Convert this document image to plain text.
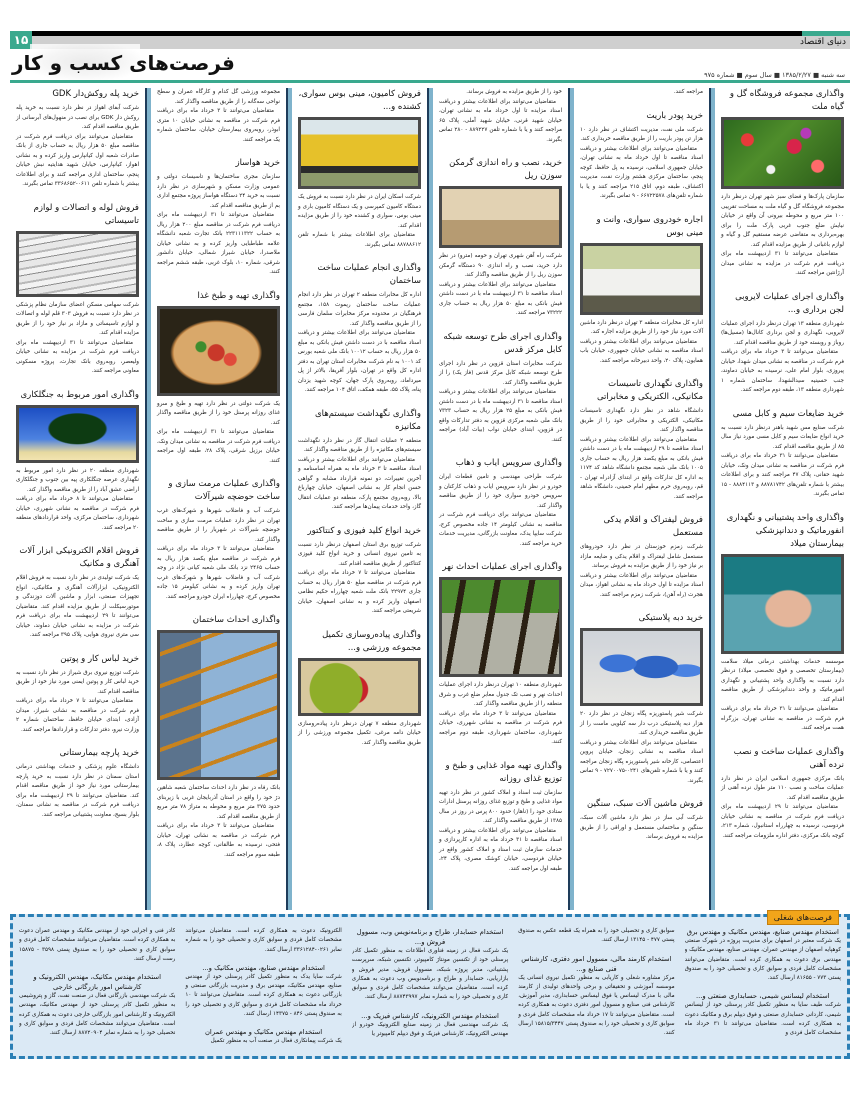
۱۵	دنیای اقتصاد
فرصت‌های کسب و کار	سه شنبه ■ ۱۳۸۵/۲/۲۷ ■ سال سوم ■ شماره ۹۷۵
واگذاری مجموعه فروشگاه گل و گیاه ملت

سازمان پارک‌ها و فضای سبز شهر تهران درنظر دارد مجموعه فروشگاه گل و گیاه ملت به مساحت تقریبی ۱۰۰ متر مربع و محوطه بیرونی آن واقع در خیابان نیایش ضلع جنوب غربی پارک ملت را برای بهره‌برداری به متقاضی عرضه مستقیم گل و گیاه و لوازم باغبانی از طریق مزایده اقدام کند.

متقاضیان می‌توانند تا ۳۱ اردیبهشت ماه برای دریافت فرم شرکت در مزایده به نشانی میدان آرژانتین مراجعه کنند.

واگذاری اجرای عملیات لایروبی لجن برداری و...

شهرداری منطقه ۱۳ تهران درنظر دارد اجرای عملیات لایروبی، نگهداری و لجن برداری کانال‌ها (مسیل‌ها) روباز و روبسته خود از طریق مناقصه اقدام کند.

متقاضیان می‌توانند تا ۳ خرداد ماه برای دریافت فرم شرکت در مناقصه به نشانی میدان شهدا، خیابان پیروزی، بلوار امام علی، نرسیده به خیابان دماوند، جنب حسینیه سیدالشهدا، ساختمان شماره ۱ شهرداری منطقه ۱۳، طبقه دوم مراجعه کنند.

خرید ضایعات سیم و کابل مسی

شرکت صنایع مس شهید باهنر درنظر دارد نسبت به خرید انواع ضایعات سیم و کابل مسی مورد نیاز سال ۸۵ از طریق مناقصه اقدام کند.

متقاضیان می‌توانند تا ۳۱ خرداد ماه برای دریافت فرم شرکت در مناقصه به نشانی میدان ونک، خیابان شهید حقانی، پلاک ۴۷ مراجعه کنند و برای اطلاعات بیشتر با شماره تلفن‌های ۸۸۷۸۱۷۴۲ و ۸۸۸۴۱۱۳ - ۱۵ تماس بگیرند.

واگذاری واحد پشتیبانی و نگهداری انفورماتیک و دندانپزشکی بیمارستان میلاد

موسسه خدمات بهداشتی درمانی میلاد سلامت (بیمارستان تخصصی و فوق تخصصی میلاد) درنظر دارد نسبت به واگذاری واحد پشتیبانی و نگهداری انفورماتیک و واحد دندانپزشکی از طریق مناقصه اقدام کند.

متقاضیان می‌توانند تا ۳۱ خرداد ماه برای دریافت فرم شرکت در مناقصه به نشانی تهران، بزرگراه همت مراجعه کنند.

واگذاری عملیات ساخت و نصب نرده آهنی

بانک مرکزی جمهوری اسلامی ایران در نظر دارد عملیات ساخت و نصب ۱۱۰ متر طول نرده آهنی از طریق مناقصه اقدام کند.

متقاضیان می‌توانند تا ۲۹ اردیبهشت ماه برای دریافت فرم شرکت در مناقصه به نشانی خیابان فردوسی، نرسیده به چهارراه استانبول، شماره ۲۱۳، کوچه بانک مرکزی، دفتر اداره ملزومات مراجعه کنند.

مراجعه کنند.

خرید پودر باریت

شرکت ملی نفت، مدیریت اکتشاف در نظر دارد ۱۰ هزار تن پودر باریت را از طریق مناقصه خریداری کند.

متقاضیان می‌توانند برای اطلاعات بیشتر و دریافت اسناد مناقصه تا اول خرداد ماه به نشانی تهران، خیابان جمهوری اسلامی، نرسیده به پل حافظ، کوچه پنجم، ساختمان مرکزی هشتم وزارت نفت، مدیریت اکتشاف، طبقه دوم، اتاق ۲۱۵ مراجعه کنند و یا با شماره تلفن‌های ۶۶۷۲۲۵۷۸ - ۹ تماس بگیرند.

اجاره خودروی سواری، وانت و مینی بوس

اداره کل مخابرات منطقه ۳ تهران درنظر دارد ماشین آلات مورد نیاز خود را از طریق مزایده اجاره کند.

متقاضیان می‌توانند برای اطلاعات بیشتر و دریافت اسناد مناقصه به نشانی خیابان جمهوری، خیابان باب همایون، پلاک ۲۰، واحد دبیرخانه مراجعه کنند.

واگذاری نگهداری تاسیسات مکانیکی، الکتریکی و مخابراتی

دانشگاه شاهد در نظر دارد نگهداری تاسیسات مکانیکی، الکتریکی و مخابراتی خود را از طریق مناقصه واگذار کند.

متقاضیان می‌توانند برای اطلاعات بیشتر و دریافت اسناد مناقصه تا ۲۹ اردیبهشت ماه با در دست داشتن فیش بانکی به مبلغ یکصد هزار ریال به حساب جاری ۱۰۰۵ بانک ملی شعبه مجتمع دانشگاه شاهد کد ۱۱۷۴ به اداره کل تدارکات واقع در ابتدای آزادراه تهران - قم، روبه‌روی حرم مطهر امام خمینی، دانشگاه شاهد مراجعه کنند.

فروش لیفتراک و اقلام یدکی مستعمل

شرکت زمزم خوزستان در نظر دارد خودروهای مستعمل شامل لیفتراک و اقلام یدکی و ضایعه مازاد بر نیاز خود را از طریق مزایده به فروش برساند.

متقاضیان می‌توانند برای اطلاعات بیشتر و دریافت اسناد مزایده تا اول خرداد ماه به نشانی اهواز، میدان هجرت (راه آهن)، شرکت زمزم مراجعه کنند.

خرید دبه پلاستیکی

شرکت شیر پاستوریزه پگاه زنجان در نظر دارد ۲۰ هزار دبه پلاستیکی درب دار سه کیلویی ماست را از طریق مناقصه خریداری کند.

متقاضیان می‌توانند برای اطلاعات بیشتر و دریافت اسناد مناقصه به نشانی زنجان، خیابان پروین اعتصامی، کارخانه شیر پاستوریزه پگاه زنجان مراجعه کنند و یا با شماره تلفن‌های ۰۲۴۱-۷۲۷۰۰۷۵ - ۹ تماس بگیرند.

فروش ماشین آلات سبک، سنگین

شرکت آبی ساز در نظر دارد ماشین آلات سبک، سنگین و ساختمانی مستعمل و اوراقی را از طریق مزایده به فروش برساند.

خود را از طریق مزایده به فروش برساند.

متقاضیان می‌توانند برای اطلاعات بیشتر و دریافت اسناد مزایده تا اول خرداد ماه به نشانی تهران، خیابان شهید قرنی، خیابان شهید آملی، پلاک ۶۵ مراجعه کنند و یا با شماره تلفن ۸۸۹۲۲۷ - ۲۸۰ تماس بگیرند.

خرید، نصب و راه اندازی گرمکن سوزن ریل

شرکت راه آهن شهری تهران و حومه (مترو) در نظر دارد خرید، نصب و راه اندازی ۹۰ دستگاه گرمکن سوزن ریل را از طریق مناقصه واگذار کند.

متقاضیان می‌توانند برای اطلاعات بیشتر و دریافت اسناد مناقصه تا ۳۱ اردیبهشت ماه با در دست داشتن فیش بانکی به مبلغ ۵۰ هزار ریال به حساب جاری ۷۳۲۲۲ مراجعه کنند.

واگذاری اجرای طرح توسعه شبکه کابل مرکز قدس

شرکت مخابرات استان قزوین در نظر دارد اجرای طرح توسعه شبکه کابل مرکز قدس (فاز یک) را از طریق مناقصه واگذار کند.

متقاضیان می‌توانند برای اطلاعات بیشتر و دریافت اسناد مناقصه تا ۳۱ اردیبهشت ماه با در دست داشتن فیش بانکی به مبلغ ۲۵ هزار ریال به حساب ۷۳۲۳ بانک ملی شعبه مرکزی قزوین به دفتر تدارکات واقع در قزوین، ابتدای خیابان نواب (بیات آباد) مراجعه کنند.

واگذاری سرویس ایاب و ذهاب

شرکت طراحی مهندسی و تامین قطعات ایران خودرو در نظر دارد سرویس ایاب و ذهاب کارکنان و سرویس خودرو سواری خود را از طریق مناقصه واگذار کند.

متقاضیان می‌توانند برای دریافت فرم شرکت در مناقصه به نشانی کیلومتر ۱۴ جاده مخصوص کرج، شرکت سایپا یدک، معاونت بازرگانی، مدیریت خدمات خرید مراجعه کنند.

واگذاری اجرای عملیات احداث نهر

شهرداری منطقه ۱۰ تهران درنظر دارد اجرای عملیات احداث نهر و نصب تک جدول معابر ضلع غرب و شرق منطقه را از طریق مناقصه واگذار کند.

متقاضیان می‌توانند تا ۳ خرداد ماه برای دریافت فرم شرکت در مناقصه به نشانی شهرری، خیابان شهرداری، ساختمان شهرداری، طبقه دوم مراجعه کنند.

واگذاری تهیه مواد غذایی و طبخ و توزیع غذای روزانه

سازمان ثبت اسناد و املاک کشور در نظر دارد تهیه مواد غذایی و طبخ و توزیع غذای روزانه پرسنل ادارات ستادی خود را (ناهار) حدود ۸۰۰ پرس در روز در سال ۱۳۸۵ از طریق مناقصه واگذار کند.

متقاضیان می‌توانند برای اطلاعات بیشتر و دریافت اسناد مناقصه تا ۳۱ خرداد ماه به اداره کارپردازی و خدمات سازمان ثبت اسناد و املاک کشور واقع در خیابان فردوسی، خیابان کوشک مصری، پلاک ۲۴، طبقه اول مراجعه کنند.

فروش کامیون، مینی بوس سواری، کشنده و...

شرکت اسکان ایران در نظر دارد نسبت به فروش یک دستگاه کامیون کمپرسی و یک دستگاه کامیون باری و مینی بوس، سواری و کشنده خود را از طریق مزایده اقدام کند.

متقاضیان برای اطلاعات بیشتر با شماره تلفن ۸۸۷۸۸۶۱۲ تماس بگیرند.

واگذاری انجام عملیات ساخت ساختمان

اداره کل مخابرات منطقه ۲ تهران در نظر دارد انجام عملیات ساخت ساختمان ریموت ۱۵۸، مجتمع فرهنگیان در محدوده مرکز مخابرات سلمان فارسی را از طریق مناقصه واگذار کند.

متقاضیان می‌توانند برای اطلاعات بیشتر و دریافت اسناد مناقصه با در دست داشتن فیش بانکی به مبلغ ۵۰ هزار ریال به حساب ۱۰۰۱۲ بانک ملی شعبه بورس کد ۱۰۰۱ به نام شرکت مخابرات استان تهران به دفتر اداره کل واقع در تهران، بلوار آفریقا، بالاتر از پل میرداماد، روبه‌روی پارک جهان، کوچه شهید یزدان پناه، پلاک ۵۵، طبقه همکف، اتاق ۱۰۴ مراجعه کنند.

واگذاری نگهداشت سیستم‌های مکانیزه

منطقه ۲ عملیات انتقال گاز در نظر دارد نگهداشت سیستم‌های مکانیزه را از طریق مناقصه واگذار کند.

متقاضیان می‌توانند برای اطلاعات بیشتر و دریافت اسناد مناقصه تا ۳ خرداد ماه به همراه اساسنامه و آخرین تغییرات، دو نمونه قرارداد مشابه و گواهی حسن انجام کار به نشانی اصفهان، خیابان چهارباغ بالا، روبه‌روی مجتمع پارک، منطقه دو عملیات انتقال گاز، واحد خدمات پیمان‌ها مراجعه کنند.

خرید انواع کلید فیوزی و کنتاکتور

شرکت توزیع برق استان اصفهان درنظر دارد نسبت به تامین نیروی انسانی و خرید انواع کلید فیوزی کنتاکتور از طریق مناقصه اقدام کند.

متقاضیان می‌توانند تا ۷ خرداد ماه برای دریافت فرم شرکت در مناقصه مبلغ ۵۰ هزار ریال به حساب جاری ۲۲۹۷۴ بانک ملت شعبه چهارراه حکیم نظامی اصفهان واریز کرده و به نشانی اصفهان، خیابان شریعتی مراجعه کنند.

واگذاری پیاده‌روسازی تکمیل مجموعه ورزشی و...

شهرداری منطقه ۷ تهران درنظر دارد پیاده‌روسازی خیابان دامه مرغی، تکمیل مجموعه ورزشی را از طریق مناقصه واگذار کند.

مجموعه ورزشی گل کدام و کارگاه عمران و سطح نواحی سه‌گانه را از طریق مناقصه واگذار کند.

متقاضیان می‌توانند تا ۳ خرداد ماه برای دریافت فرم شرکت در مناقصه به نشانی خیابان ۱۰ متری ابوذر، روبه‌روی بیمارستان خیابان، ساختمان شماره یک مراجعه کنند.

خرید هواساز

سازمان مجری ساختمان‌ها و تاسیسات دولتی و عمومی وزارت مسکن و شهرسازی در نظر دارد نسبت به خرید ۲۴ دستگاه هواساز پروژه مجتمع اداری بم از طریق مناقصه اقدام کند.

متقاضیان می‌توانند تا ۳۱ اردیبهشت ماه برای دریافت فرم شرکت در مناقصه مبلغ ۲۰۰ هزار ریال به حساب ۲۲۳۱۱۱۳۲۲ بانک تجارت شعبه دانشگاه علامه طباطبایی واریز کرده و به نشانی خیابان ملاصدرا، خیابان شیراز شمالی، خیابان دانشور شرقی، شماره ۱۰، بلوک غربی، طبقه ششم مراجعه کنند.

واگذاری تهیه و طبخ غذا

یک شرکت دولتی در نظر دارد تهیه و طبخ و سرو غذای روزانه پرسنل خود را از طریق مناقصه واگذار کند.

متقاضیان می‌توانند تا ۳۱ اردیبهشت ماه برای دریافت فرم شرکت در مناقصه به نشانی میدان ونک، خیابان برزیل شرقی، پلاک ۲۸، طبقه اول مراجعه کنند.

واگذاری عملیات مرمت سازی و ساخت حوضچه شیرآلات

شرکت آب و فاضلاب شهرها و شهرک‌های غرب تهران در نظر دارد عملیات مرمت سازی و ساخت حوضچه شیرآلات در شهریار را از طریق مناقصه واگذار کند.

متقاضیان می‌توانند تا ۳ خرداد ماه برای دریافت فرم شرکت در مناقصه مبلغ یکصد هزار ریال به حساب ۲۴۶۵ نزد بانک ملی شعبه کیانی نژاد در وجه شرکت آب و فاضلاب شهرها و شهرک‌های غرب تهران واریز کرده و به نشانی کیلومتر ۱۵ جاده مخصوص کرج، چهارراه ایران خودرو مراجعه کنند.

واگذاری احداث ساختمان

بانک رفاه در نظر دارد احداث ساختمان شعبه شاهین دژ خود را واقع در استان آذربایجان غربی با زیربنای حدود ۳۷۵ متر مربع و محوطه به متراژ ۷۸ متر مربع از طریق مناقصه اقدام کند.

متقاضیان می‌توانند تا ۳ خرداد ماه برای دریافت فرم شرکت در مناقصه به نشانی تهران، خیابان فتحی، نرسیده به طالقانی، کوچه عطارد، پلاک ۸، طبقه سوم مراجعه کنند.

خرید پله روکش‌دار GDK

شرکت آبفای اهواز در نظر دارد نسبت به خرید پله روکش دار GDK برای نصب در منهول‌های آبرسانی از طریق مناقصه اقدام کند.

متقاضیان می‌توانند برای دریافت فرم شرکت در مناقصه مبلغ ۵۰ هزار ریال به حساب جاری از بانک صادرات شعبه اول کیانپارس واریز کرده و به نشانی اهواز، کیانپارس، خیابان شهید هدایتیه نبش خیابان پنجم، ساختمان اداری مراجعه کنند و برای اطلاعات بیشتر با شماره تلفن ۰۶۱۱-۳۳۶۸۶۵۲ تماس بگیرند.

فروش لوله و اتصالات و لوازم تاسیساتی

شرکت سهامی مسکن اعضای سازمان نظام پزشکی در نظر دارد نسبت به فروش ۳۰۳ قلم لوله و اتصالات و لوازم تاسیساتی و مازاد بر نیاز خود را از طریق مزایده اقدام کند.

متقاضیان می‌توانند تا ۳۱ اردیبهشت ماه برای دریافت فرم شرکت در مزایده به نشانی خیابان ولیعصر، روبه‌روی بانک تجارت، پروژه مسکونی معاونی مراجعه کنند.

واگذاری امور مربوط به جنگلکاری

شهرداری منطقه ۲۰ در نظر دارد امور مربوط به نگهداری عرصه جنگلکاری پیه بین جنوب و جنگلکاری اراضی عشق آباد را از طریق مناقصه واگذار کند.

متقاضیان می‌توانند تا ۸ خرداد ماه برای دریافت فرم شرکت در مناقصه به نشانی شهرری، خیابان شهرداری، ساختمان مرکزی، واحد قراردادهای منطقه ۲۰ مراجعه کنند.

فروش اقلام الکترونیکی ابزار آلات آهنگری و مکانیک

یک شرکت تولیدی در نظر دارد نسبت به فروش اقلام الکترونیکی، ابزارآلات آهنگری و مکانیکی، انواع تجهیزات صنعتی، ابزار و ماشین آلات دوزندگی و موتورسیکلت از طریق مزایده اقدام کند. متقاضیان می‌توانند تا ۲۹ اردیبهشت ماه برای دریافت فرم شرکت در مزایده به نشانی خیابان دماوند، خیابان سی متری نیروی هوایی، پلاک ۳۹۵ مراجعه کنند.

خرید لباس کار و پوتین

شرکت توزیع نیروی برق شیراز در نظر دارد نسبت به خرید لباس کار و پوتین ایمنی مورد نیاز خود از طریق مناقصه اقدام کند.

متقاضیان می‌توانند تا ۷ خرداد ماه برای دریافت فرم شرکت در مناقصه به نشانی شیراز، میدان آزادی، ابتدای خیابان حافظ، ساختمان شماره ۲ وزارت نیرو، دفتر تدارکات و قراردادها مراجعه کنند.

خرید پارچه بیمارستانی

دانشگاه علوم پزشکی و خدمات بهداشتی درمانی استان سمنان در نظر دارد نسبت به خرید پارچه بیمارستانی مورد نیاز خود از طریق مناقصه اقدام کند. متقاضیان می‌توانند تا ۲۹ اردیبهشت ماه برای دریافت فرم شرکت در مناقصه به نشانی سمنان، بلوار بسیج، معاونت پشتیبانی مراجعه کنند.

فرصت‌های شغلی
استخدام مهندس صنایع، مهندس مکانیک و مهندس برق

یک شرکت معتبر در اصفهان برای مدیریت پروژه در شهرک صنعتی کوهپایه اصفهان از مهندس عمران، مهندس صنایع، مهندس مکانیک و مهندس برق دعوت به همکاری کرده است. متقاضیان می‌توانند مشخصات کامل فردی و سوابق کاری و تحصیلی خود را به صندوق پستی ۷۷۳ - ۸۱۶۵۵ ارسال کنند.

استخدام لیسانس شیمی، حسابداری صنعتی و...

شرکت طیف سایا به منظور تکمیل کادر پرسنلی خود از لیسانس شیمی، کاردانی حسابداری صنعتی و فوق دیپلم برق و مکانیک دعوت به همکاری کرده است. متقاضیان می‌توانند تا ۳۱ خرداد ماه مشخصات کامل فردی و

سوابق کاری و تحصیلی خود را به همراه یک قطعه عکس به صندوق پستی ۴۷۷ - ۱۳۱۴۵ ارسال کنند.

استخدام کارمند مالی، مسوول امور دفتری، کارشناس فنی صنایع و...

مرکز مشاوره شغلی و کاریابی به منظور تکمیل نیروی انسانی یک موسسه آموزشی و تحقیقاتی و برخی واحدهای تولیدی از کارمند مالی با مدرک لیسانس یا فوق لیسانس حسابداری، مدیر آموزش، کارشناس فنی صنایع و مسوول امور دفتری دعوت به همکاری کرده است. متقاضیان می‌توانند تا ۱۷ خرداد ماه مشخصات کامل فردی و سوابق کاری و تحصیلی خود را به صندوق پستی ۱۵۸۱۵/۳۴۴۷ ارسال کنند.

استخدام حسابدار، طراح و برنامه‌نویس وب، مسوول فروش و...

یک شرکت فعال در زمینه فناوری اطلاعات به منظور تکمیل کادر پرسنلی خود از تکنسین مونتاژ کامپیوتر، تکنسین شبکه، سرپرست پشتیبانی، مدیر پروژه شبکه، مسوول فروش، مدیر فروش و بازاریابی، حسابدار و طراح و برنامه‌نویس وب دعوت به همکاری کرده است. متقاضیان می‌توانند مشخصات کامل فردی و سوابق کاری و تحصیلی خود را به شماره نمابر ۸۸۷۴۳۹۹۷ ارسال کنند.

استخدام مهندس الکترونیک، کارشناس فیزیک و...

یک شرکت مهندسی فعال در زمینه صنایع الکترونیک خودرو از مهندس الکترونیک، کارشناس فیزیک و فوق دیپلم کامپیوتر یا

الکترونیک دعوت به همکاری کرده است. متقاضیان می‌توانند مشخصات کامل فردی و سوابق کاری و تحصیلی خود را به شماره نمابر ۰۲۶۱-۳۳۶۱۲۸۴ ارسال کنند.

استخدام مهندس صنایع، مهندس مکانیک و...

شرکت سایا یدک به منظور تکمیل کادر پرسنلی خود از مهندس صنایع، مهندس مکانیک، مهندس برق و مدیریت بازرگانی صنعتی و بازرگانی دعوت به همکاری کرده است. متقاضیان می‌توانند تا ۱۰ خرداد ماه مشخصات کامل فردی و سوابق کاری و تحصیلی خود را به صندوق پستی ۸۴۶ - ۱۴۳۷۵ ارسال کنند.

استخدام مهندس مکانیک و مهندس عمران

یک شرکت پیمانکاری فعال در صنعت آب به منظور تکمیل

کادر فنی و اجرایی خود از مهندس مکانیک و مهندس عمران دعوت به همکاری کرده است. متقاضیان می‌توانند مشخصات کامل فردی و سوابق کاری و تحصیلی خود را به صندوق پستی ۳۵۹۸ - ۱۵۸۷۵ رست ارسال کنند.

استخدام مهندس مکانیک، مهندس الکترونیک و کارشناس امور بازرگانی خارجی

یک شرکت مهندسی بازرگانی فعال در صنعت نفت، گاز و پتروشیمی به منظور تکمیل کادر پرسنلی خود از مهندس مکانیک، مهندس الکترونیک و کارشناس امور بازرگانی خارجی دعوت به همکاری کرده است. متقاضیان می‌توانند مشخصات کامل فردی و سوابق کاری و تحصیلی خود را به شماره نمابر ۸۸۷۲۰۹۰۴ ارسال کنند.
